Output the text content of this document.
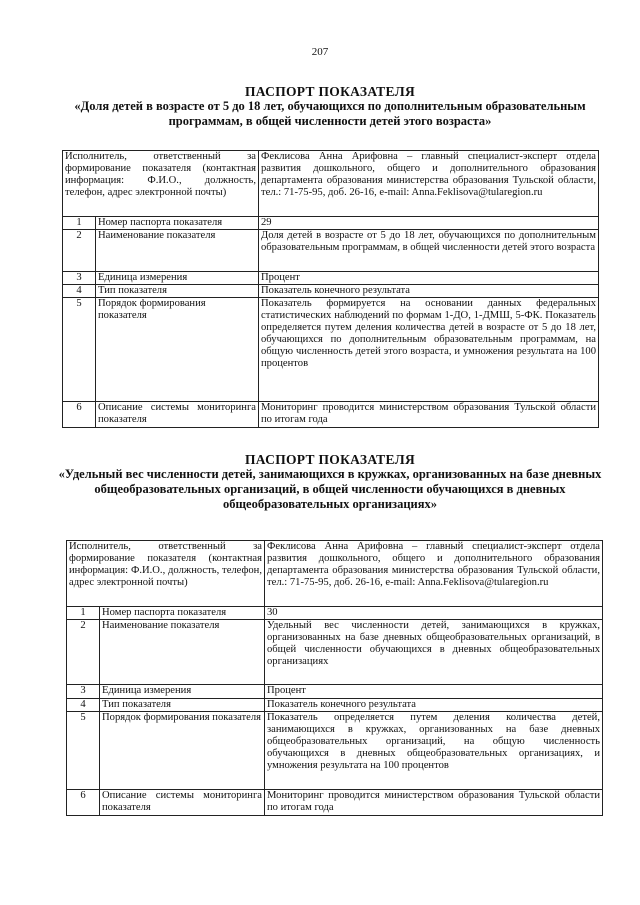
207
ПАСПОРТ ПОКАЗАТЕЛЯ
«Доля детей в возрасте от 5 до 18 лет, обучающихся по дополнительным образовательным программам, в общей численности детей этого возраста»
Исполнитель, ответственный за формирование показателя (контактная информация: Ф.И.О., должность, телефон, адрес электронной почты)		Феклисова Анна Арифовна – главный специалист-эксперт отдела развития дошкольного, общего и дополнительного образования департамента образования министерства образования Тульской области, тел.: 71-75-95, доб. 26-16, e-mail: Anna.Feklisova@tularegion.ru
1	Номер паспорта показателя	29
2	Наименование показателя	Доля детей в возрасте от 5 до 18 лет, обучающихся по дополнительным образовательным программам, в общей численности детей этого возраста
3	Единица измерения	Процент
4	Тип показателя	Показатель конечного результата
5	Порядок формирования показателя	Показатель формируется на основании данных федеральных статистических наблюдений по формам 1-ДО, 1-ДМШ, 5-ФК. Показатель определяется путем деления количества детей в возрасте от 5 до 18 лет, обучающихся по дополнительным образовательным программам, на общую численность детей этого возраста, и умножения результата на 100 процентов
6	Описание системы мониторинга показателя	Мониторинг проводится министерством образования Тульской области по итогам года
ПАСПОРТ ПОКАЗАТЕЛЯ
«Удельный вес численности детей, занимающихся в кружках, организованных на базе дневных общеобразовательных организаций, в общей численности обучающихся в дневных общеобразовательных организациях»
Исполнитель, ответственный за формирование показателя (контактная информация: Ф.И.О., должность, телефон, адрес электронной почты)		Феклисова Анна Арифовна – главный специалист-эксперт отдела развития дошкольного, общего и дополнительного образования департамента образования министерства образования Тульской области, тел.: 71-75-95, доб. 26-16, e-mail: Anna.Feklisova@tularegion.ru
1	Номер паспорта показателя	30
2	Наименование показателя	Удельный вес численности детей, занимающихся в кружках, организованных на базе дневных общеобразовательных организаций, в общей численности обучающихся в дневных общеобразовательных организациях
3	Единица измерения	Процент
4	Тип показателя	Показатель конечного результата
5	Порядок формирования показателя	Показатель определяется путем деления количества детей, занимающихся в кружках, организованных на базе дневных общеобразовательных организаций, на общую численность обучающихся в дневных общеобразовательных организациях, и умножения результата на 100 процентов
6	Описание системы мониторинга показателя	Мониторинг проводится министерством образования Тульской области по итогам года
